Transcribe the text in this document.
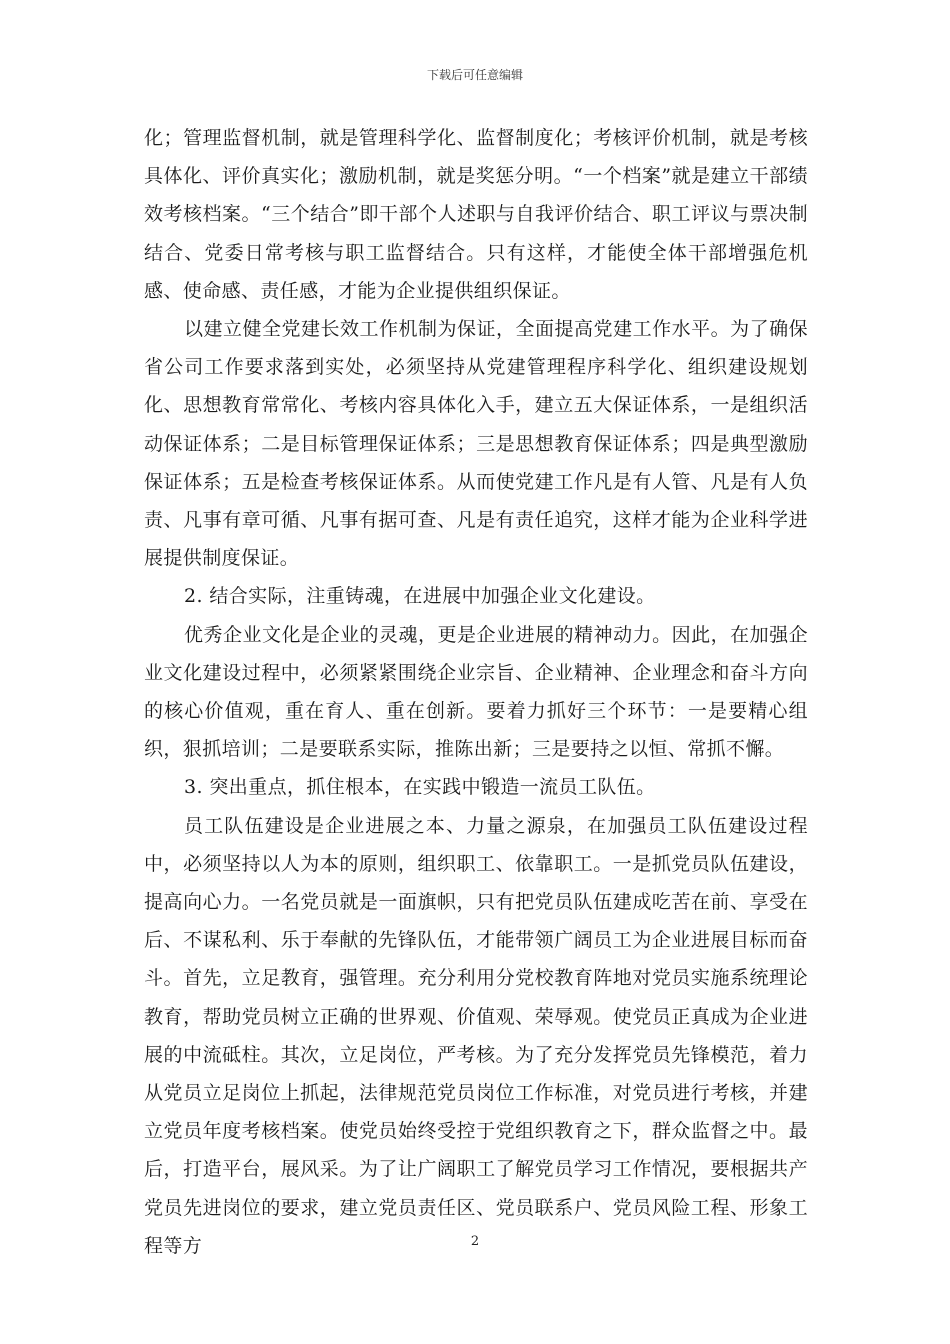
下载后可任意编辑

化；管理监督机制，就是管理科学化、监督制度化；考核评价机制，就是考核具体化、评价真实化；激励机制，就是奖惩分明。“一个档案”就是建立干部绩效考核档案。“三个结合”即干部个人述职与自我评价结合、职工评议与票决制结合、党委日常考核与职工监督结合。只有这样，才能使全体干部增强危机感、使命感、责任感，才能为企业提供组织保证。

以建立健全党建长效工作机制为保证，全面提高党建工作水平。为了确保省公司工作要求落到实处，必须坚持从党建管理程序科学化、组织建设规划化、思想教育常常化、考核内容具体化入手，建立五大保证体系，一是组织活动保证体系；二是目标管理保证体系；三是思想教育保证体系；四是典型激励保证体系；五是检查考核保证体系。从而使党建工作凡是有人管、凡是有人负责、凡事有章可循、凡事有据可查、凡是有责任追究，这样才能为企业科学进展提供制度保证。

2. 结合实际，注重铸魂，在进展中加强企业文化建设。

优秀企业文化是企业的灵魂，更是企业进展的精神动力。因此，在加强企业文化建设过程中，必须紧紧围绕企业宗旨、企业精神、企业理念和奋斗方向的核心价值观，重在育人、重在创新。要着力抓好三个环节：一是要精心组织，狠抓培训；二是要联系实际，推陈出新；三是要持之以恒、常抓不懈。

3. 突出重点，抓住根本，在实践中锻造一流员工队伍。

员工队伍建设是企业进展之本、力量之源泉，在加强员工队伍建设过程中，必须坚持以人为本的原则，组织职工、依靠职工。一是抓党员队伍建设，提高向心力。一名党员就是一面旗帜，只有把党员队伍建成吃苦在前、享受在后、不谋私利、乐于奉献的先锋队伍，才能带领广阔员工为企业进展目标而奋斗。首先，立足教育，强管理。充分利用分党校教育阵地对党员实施系统理论教育，帮助党员树立正确的世界观、价值观、荣辱观。使党员正真成为企业进展的中流砥柱。其次，立足岗位，严考核。为了充分发挥党员先锋模范，着力从党员立足岗位上抓起，法律规范党员岗位工作标准，对党员进行考核，并建立党员年度考核档案。使党员始终受控于党组织教育之下，群众监督之中。最后，打造平台，展风采。为了让广阔职工了解党员学习工作情况，要根据共产党员先进岗位的要求，建立党员责任区、党员联系户、党员风险工程、形象工程等方	2
